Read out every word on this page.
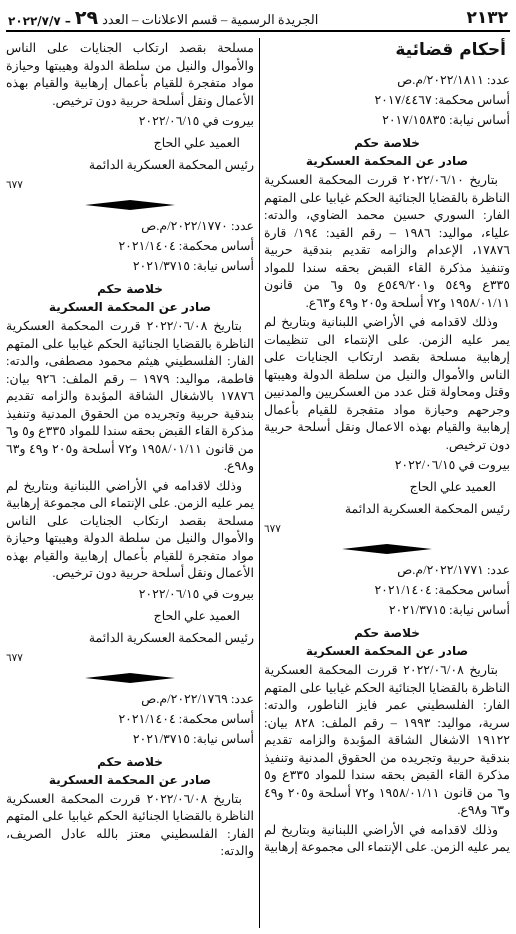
٢١٣٢
الجريدة الرسمية – قسم الاعلانات – العدد
٢٩
– ٢٠٢٢/٧/٧
أحكام قضائية
عدد: ٢٠٢٢/١٨١١/م.ص
أساس محكمة: ٢٠١٧/٤٤٦٧
أساس نيابة: ٢٠١٧/١٥٨٣٥
خلاصة حكم
صادر عن المحكمة العسكرية

بتاريخ ٢٠٢٢/٠٦/١٠ قررت المحكمة العسكرية الناظرة بالقضايا الجنائية الحكم غيابيا على المتهم الفار: السوري حسين محمد الضاوي، والدته: علياء، مواليد: ١٩٨٦ – رقم القيد: ١٩٤/ قارة ١٧٨٧٦، الإعدام والزامه تقديم بندقية حربية وتنفيذ مذكرة القاء القبض بحقه سندا للمواد ٣٣٥ع و٥٤٩ و٥٤٩/٢٠١ع و٥ و٦ من قانون ١٩٥٨/٠١/١١ و٧٢ أسلحة و٢٠٥ و٤٩ و٦٣ع.

وذلك لاقدامه في الأراضي اللبنانية وبتاريخ لم يمر عليه الزمن. على الإنتماء الى تنظيمات إرهابية مسلحة بقصد ارتكاب الجنايات على الناس والأموال والنيل من سلطة الدولة وهيبتها وقتل ومحاولة قتل عدد من العسكريين والمدنيين وجرحهم وحيازة مواد متفجرة للقيام بأعمال إرهابية والقيام بهذه الاعمال ونقل أسلحة حربية دون ترخيص.

بيروت في ٢٠٢٢/٠٦/١٥
العميد علي الحاج
رئيس المحكمة العسكرية الدائمة
٦٧٧
عدد: ٢٠٢٢/١٧٧١/م.ص
أساس محكمة: ٢٠٢١/١٤٠٤
أساس نيابة: ٢٠٢١/٣٧١٥
خلاصة حكم
صادر عن المحكمة العسكرية

بتاريخ ٢٠٢٢/٠٦/٠٨ قررت المحكمة العسكرية الناظرة بالقضايا الجنائية الحكم غيابيا على المتهم الفار: الفلسطيني عمر فايز الناطور، والدته: سرية، مواليد: ١٩٩٣ – رقم الملف: ٨٢٨ بيان: ١٩١٢٢ الاشغال الشاقة المؤبدة والزامه تقديم بندقية حربية وتجريده من الحقوق المدنية وتنفيذ مذكرة القاء القبض بحقه سندا للمواد ٣٣٥ع و٥ و٦ من قانون ١٩٥٨/٠١/١١ و٧٢ أسلحة و٢٠٥ و٤٩ و٦٣ و٩٨ع.

وذلك لاقدامه في الأراضي اللبنانية وبتاريخ لم يمر عليه الزمن. على الإنتماء الى مجموعة إرهابية

مسلحة بقصد ارتكاب الجنايات على الناس والأموال والنيل من سلطة الدولة وهيبتها وحيازة مواد متفجرة للقيام بأعمال إرهابية والقيام بهذه الأعمال ونقل أسلحة حربية دون ترخيص.

بيروت في ٢٠٢٢/٠٦/١٥
العميد علي الحاج
رئيس المحكمة العسكرية الدائمة
٦٧٧
عدد: ٢٠٢٢/١٧٧٠/م.ص
أساس محكمة: ٢٠٢١/١٤٠٤
أساس نيابة: ٢٠٢١/٣٧١٥
خلاصة حكم
صادر عن المحكمة العسكرية

بتاريخ ٢٠٢٢/٠٦/٠٨ قررت المحكمة العسكرية الناظرة بالقضايا الجنائية الحكم غيابيا على المتهم الفار: الفلسطيني هيثم محمود مصطفى، والدته: فاطمة، مواليد: ١٩٧٩ – رقم الملف: ٩٢٦ بيان: ١٧٨٧٦ بالاشغال الشاقة المؤبدة والزامه تقديم بندقية حربية وتجريده من الحقوق المدنية وتنفيذ مذكرة القاء القبض بحقه سندا للمواد ٣٣٥ع و٥ و٦ من قانون ١٩٥٨/٠١/١١ و٧٢ أسلحة و٢٠٥ و٤٩ و٦٣ و٩٨ع.

وذلك لاقدامه في الأراضي اللبنانية وبتاريخ لم يمر عليه الزمن. على الإنتماء الى مجموعة إرهابية مسلحة بقصد ارتكاب الجنايات على الناس والأموال والنيل من سلطة الدولة وهيبتها وحيازة مواد متفجرة للقيام بأعمال إرهابية والقيام بهذه الأعمال ونقل أسلحة حربية دون ترخيص.

بيروت في ٢٠٢٢/٠٦/١٥
العميد علي الحاج
رئيس المحكمة العسكرية الدائمة
٦٧٧
عدد: ٢٠٢٢/١٧٦٩/م.ص
أساس محكمة: ٢٠٢١/١٤٠٤
أساس نيابة: ٢٠٢١/٣٧١٥
خلاصة حكم
صادر عن المحكمة العسكرية

بتاريخ ٢٠٢٢/٠٦/٠٨ قررت المحكمة العسكرية الناظرة بالقضايا الجنائية الحكم غيابيا على المتهم الفار: الفلسطيني معتز بالله عادل الصريف، والدته:
